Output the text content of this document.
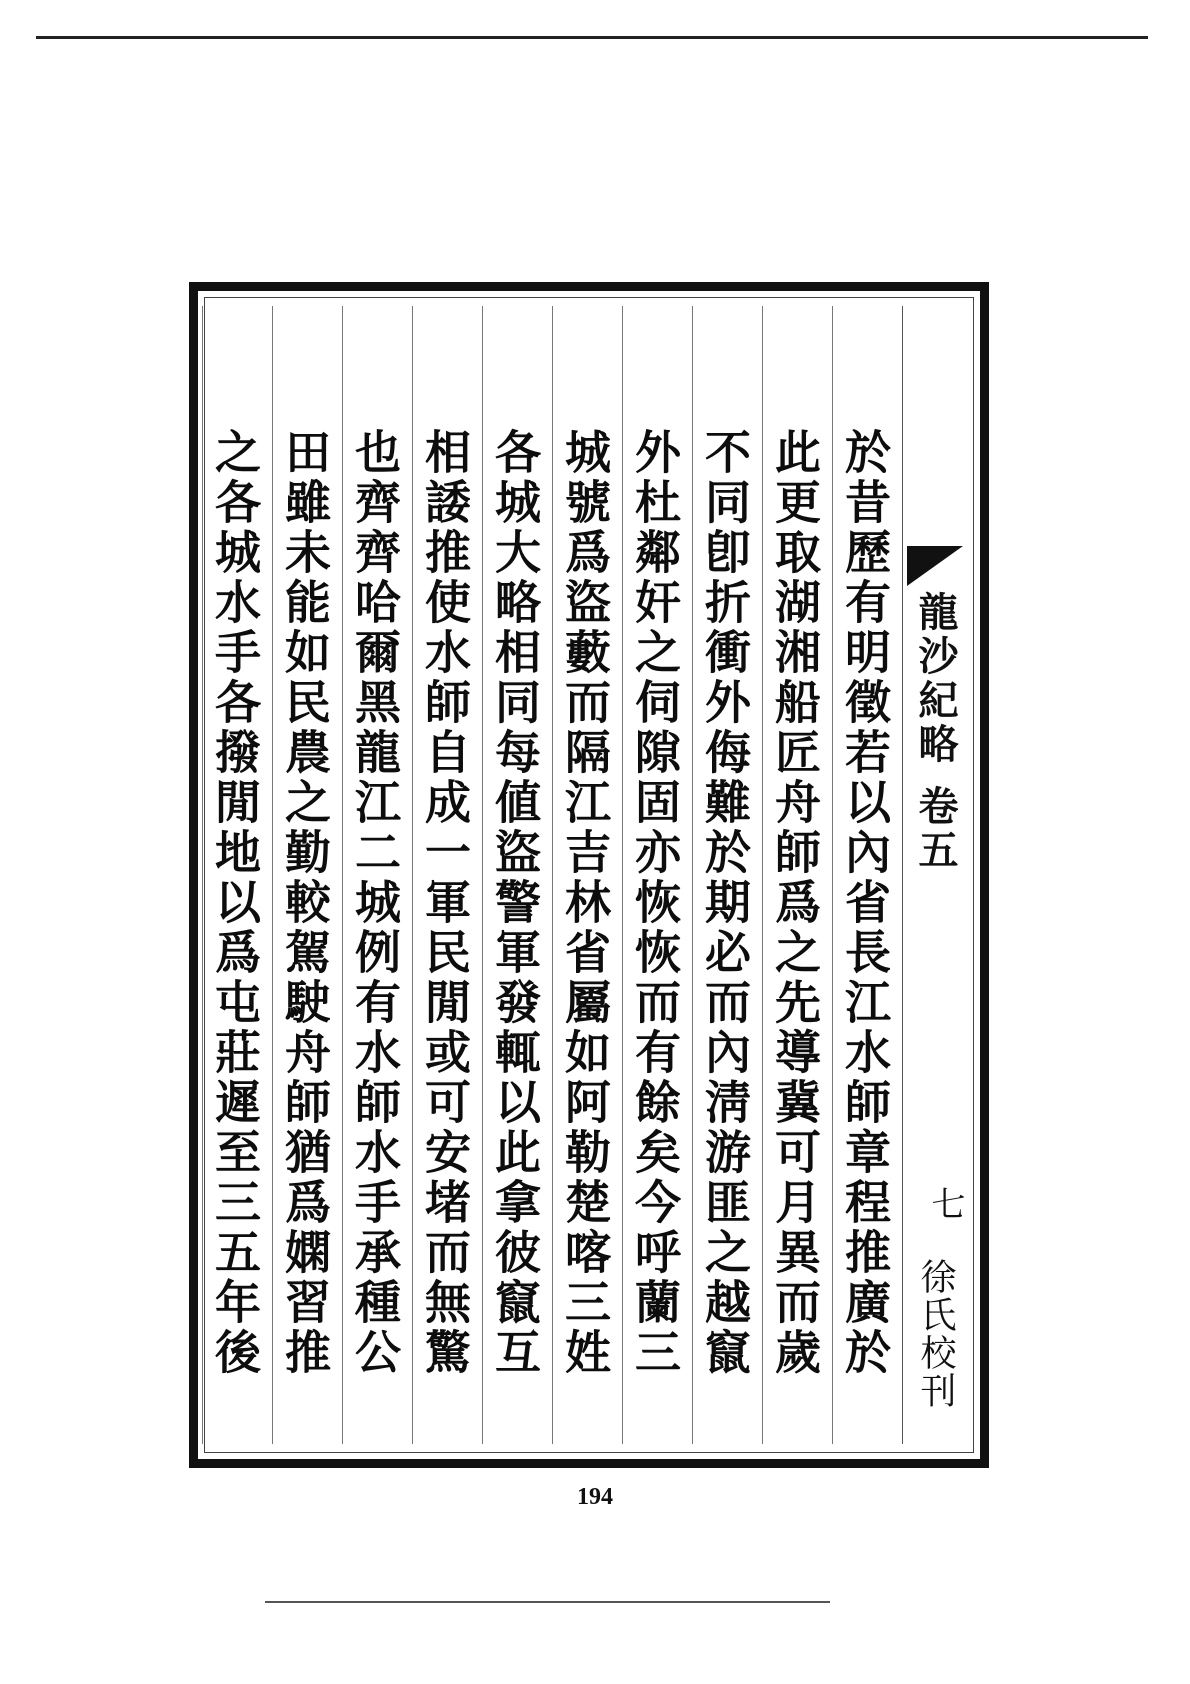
龍沙紀略 卷五
七
徐氏校刊
於昔歷有明徵若以內省長江水師章程推廣於
此更取湖湘船匠舟師爲之先導冀可月異而歲
不同卽折衝外侮難於期必而內淸游匪之越竄
外杜鄰奸之伺隙固亦恢恢而有餘矣今呼蘭三
城號爲盜藪而隔江吉林省屬如阿勒楚喀三姓
各城大略相同每値盜警軍發輒以此拿彼竄互
相諉推使水師自成一軍民閒或可安堵而無驚
也齊齊哈爾黑龍江二城例有水師水手承種公
田雖未能如民農之勤較駕駛舟師猶爲嫻習推
之各城水手各撥閒地以爲屯莊遲至三五年後
194
